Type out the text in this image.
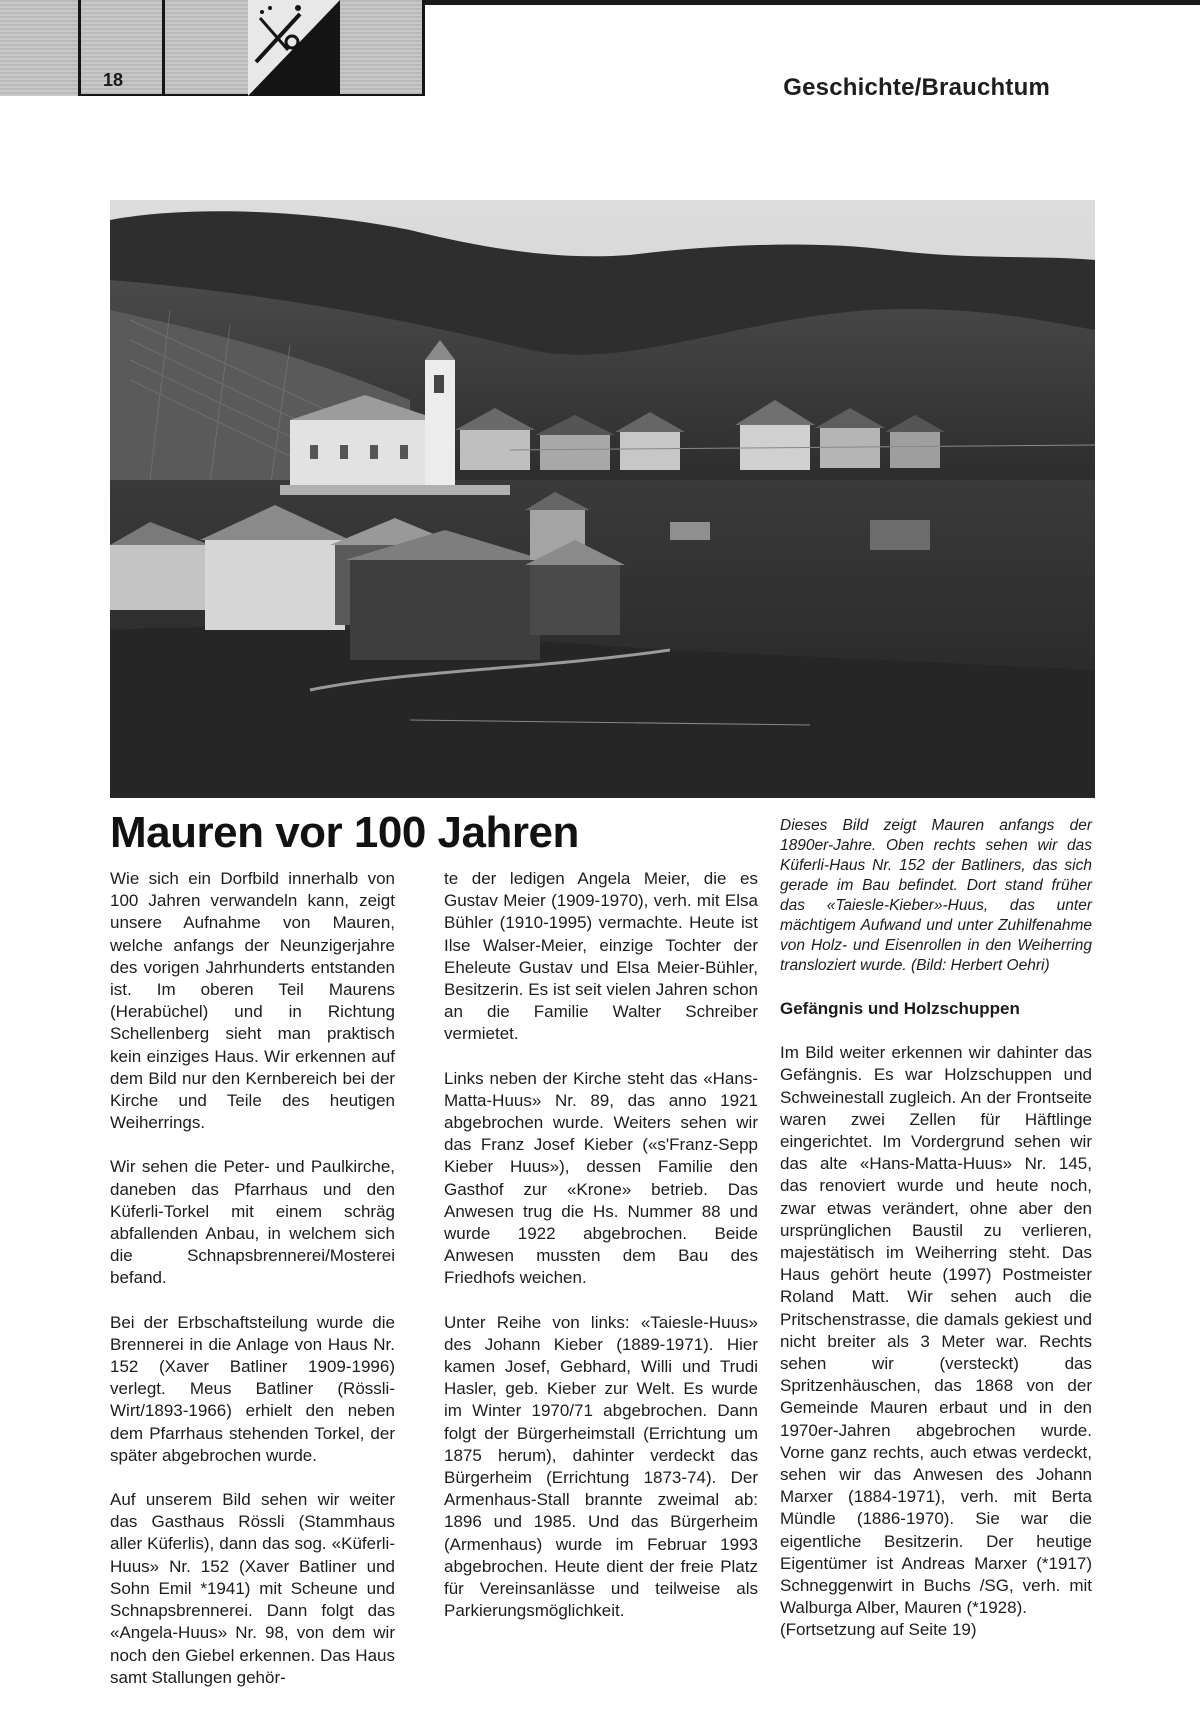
18	Geschichte/Brauchtum
Mauren vor 100 Jahren

Wie sich ein Dorfbild innerhalb von 100 Jahren verwandeln kann, zeigt unsere Aufnahme von Mauren, welche anfangs der Neunzigerjahre des vorigen Jahrhunderts entstanden ist. Im oberen Teil Maurens (Herabüchel) und in Richtung Schellenberg sieht man praktisch kein einziges Haus. Wir erkennen auf dem Bild nur den Kernbereich bei der Kirche und Teile des heutigen Weiherrings.

Wir sehen die Peter- und Paulkirche, daneben das Pfarrhaus und den Küferli-Torkel mit einem schräg abfallenden Anbau, in welchem sich die Schnapsbrennerei/Mosterei befand.

Bei der Erbschaftsteilung wurde die Brennerei in die Anlage von Haus Nr. 152 (Xaver Batliner 1909-1996) verlegt. Meus Batliner (Rössli-Wirt/1893-1966) erhielt den neben dem Pfarrhaus stehenden Torkel, der später abgebrochen wurde.

Auf unserem Bild sehen wir weiter das Gasthaus Rössli (Stammhaus aller Küferlis), dann das sog. «Küferli-Huus» Nr. 152 (Xaver Batliner und Sohn Emil *1941) mit Scheune und Schnapsbrennerei. Dann folgt das «Angela-Huus» Nr. 98, von dem wir noch den Giebel erkennen. Das Haus samt Stallungen gehör-

te der ledigen Angela Meier, die es Gustav Meier (1909-1970), verh. mit Elsa Bühler (1910-1995) vermachte. Heute ist Ilse Walser-Meier, einzige Tochter der Eheleute Gustav und Elsa Meier-Bühler, Besitzerin. Es ist seit vielen Jahren schon an die Familie Walter Schreiber vermietet.

Links neben der Kirche steht das «Hans-Matta-Huus» Nr. 89, das anno 1921 abgebrochen wurde. Weiters sehen wir das Franz Josef Kieber («s'Franz-Sepp Kieber Huus»), dessen Familie den Gasthof zur «Krone» betrieb. Das Anwesen trug die Hs. Nummer 88 und wurde 1922 abgebrochen. Beide Anwesen mussten dem Bau des Friedhofs weichen.

Unter Reihe von links: «Taiesle-Huus» des Johann Kieber (1889-1971). Hier kamen Josef, Gebhard, Willi und Trudi Hasler, geb. Kieber zur Welt. Es wurde im Winter 1970/71 abgebrochen. Dann folgt der Bürgerheimstall (Errichtung um 1875 herum), dahinter verdeckt das Bürgerheim (Errichtung 1873-74). Der Armenhaus-Stall brannte zweimal ab: 1896 und 1985. Und das Bürgerheim (Armenhaus) wurde im Februar 1993 abgebrochen. Heute dient der freie Platz für Vereinsanlässe und teilweise als Parkierungsmöglichkeit.

Dieses Bild zeigt Mauren anfangs der 1890er-Jahre. Oben rechts sehen wir das Küferli-Haus Nr. 152 der Batliners, das sich gerade im Bau befindet. Dort stand früher das «Taiesle-Kieber»-Huus, das unter mächtigem Aufwand und unter Zuhilfenahme von Holz- und Eisenrollen in den Weiherring transloziert wurde. (Bild: Herbert Oehri)

Gefängnis und Holzschuppen

Im Bild weiter erkennen wir dahinter das Gefängnis. Es war Holzschuppen und Schweinestall zugleich. An der Frontseite waren zwei Zellen für Häftlinge eingerichtet. Im Vordergrund sehen wir das alte «Hans-Matta-Huus» Nr. 145, das renoviert wurde und heute noch, zwar etwas verändert, ohne aber den ursprünglichen Baustil zu verlieren, majestätisch im Weiherring steht. Das Haus gehört heute (1997) Postmeister Roland Matt. Wir sehen auch die Pritschenstrasse, die damals gekiest und nicht breiter als 3 Meter war. Rechts sehen wir (versteckt) das Spritzenhäuschen, das 1868 von der Gemeinde Mauren erbaut und in den 1970er-Jahren abgebrochen wurde. Vorne ganz rechts, auch etwas verdeckt, sehen wir das Anwesen des Johann Marxer (1884-1971), verh. mit Berta Mündle (1886-1970). Sie war die eigentliche Besitzerin. Der heutige Eigentümer ist Andreas Marxer (*1917) Schneggenwirt in Buchs /SG, verh. mit Walburga Alber, Mauren (*1928).

(Fortsetzung auf Seite 19)
